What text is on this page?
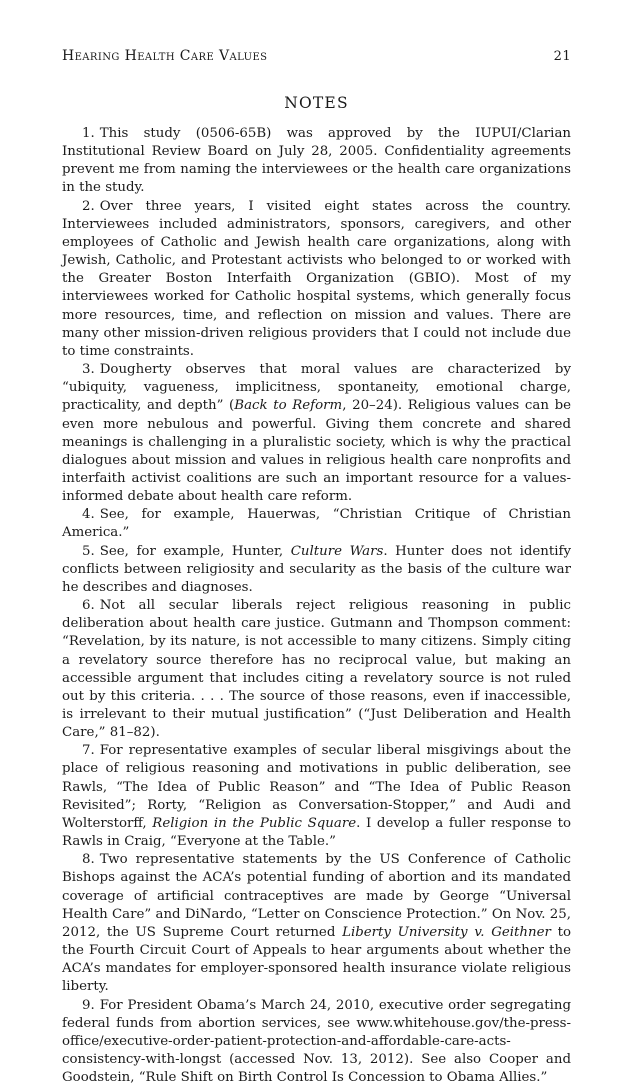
Hearing Health Care Values	21
NOTES

1. This study (0506-65B) was approved by the IUPUI/Clarian Institutional Review Board on July 28, 2005. Confidentiality agreements prevent me from naming the interviewees or the health care organizations in the study.

2. Over three years, I visited eight states across the country. Interviewees included administrators, sponsors, caregivers, and other employees of Catholic and Jewish health care organizations, along with Jewish, Catholic, and Protestant activists who belonged to or worked with the Greater Boston Interfaith Organization (GBIO). Most of my interviewees worked for Catholic hospital systems, which generally focus more resources, time, and reflection on mission and values. There are many other mission-driven religious providers that I could not include due to time constraints.

3. Dougherty observes that moral values are characterized by “ubiquity, vagueness, implicitness, spontaneity, emotional charge, practicality, and depth” (Back to Reform, 20–24). Religious values can be even more nebulous and powerful. Giving them concrete and shared meanings is challenging in a pluralistic society, which is why the practical dialogues about mission and values in religious health care nonprofits and interfaith activist coalitions are such an important resource for a values-informed debate about health care reform.

4. See, for example, Hauerwas, “Christian Critique of Christian America.”

5. See, for example, Hunter, Culture Wars. Hunter does not identify conflicts between religiosity and secularity as the basis of the culture war he describes and diagnoses.

6. Not all secular liberals reject religious reasoning in public deliberation about health care justice. Gutmann and Thompson comment: “Revelation, by its nature, is not accessible to many citizens. Simply citing a revelatory source therefore has no reciprocal value, but making an accessible argument that includes citing a revelatory source is not ruled out by this criteria. . . . The source of those reasons, even if inaccessible, is irrelevant to their mutual justification” (“Just Deliberation and Health Care,” 81–82).

7. For representative examples of secular liberal misgivings about the place of religious reasoning and motivations in public deliberation, see Rawls, “The Idea of Public Reason” and “The Idea of Public Reason Revisited”; Rorty, “Religion as Conversation-Stopper,” and Audi and Wolterstorff, Religion in the Public Square. I develop a fuller response to Rawls in Craig, “Everyone at the Table.”

8. Two representative statements by the US Conference of Catholic Bishops against the ACA’s potential funding of abortion and its mandated coverage of artificial contraceptives are made by George “Universal Health Care” and DiNardo, “Letter on Conscience Protection.” On Nov. 25, 2012, the US Supreme Court returned Liberty University v. Geithner to the Fourth Circuit Court of Appeals to hear arguments about whether the ACA’s mandates for employer-sponsored health insurance violate religious liberty.

9. For President Obama’s March 24, 2010, executive order segregating federal funds from abortion services, see www.whitehouse.gov/the-press-office/executive-order-patient-protection-and-affordable-care-acts-consistency-with-longst (accessed Nov. 13, 2012). See also Cooper and Goodstein, “Rule Shift on Birth Control Is Concession to Obama Allies.”
